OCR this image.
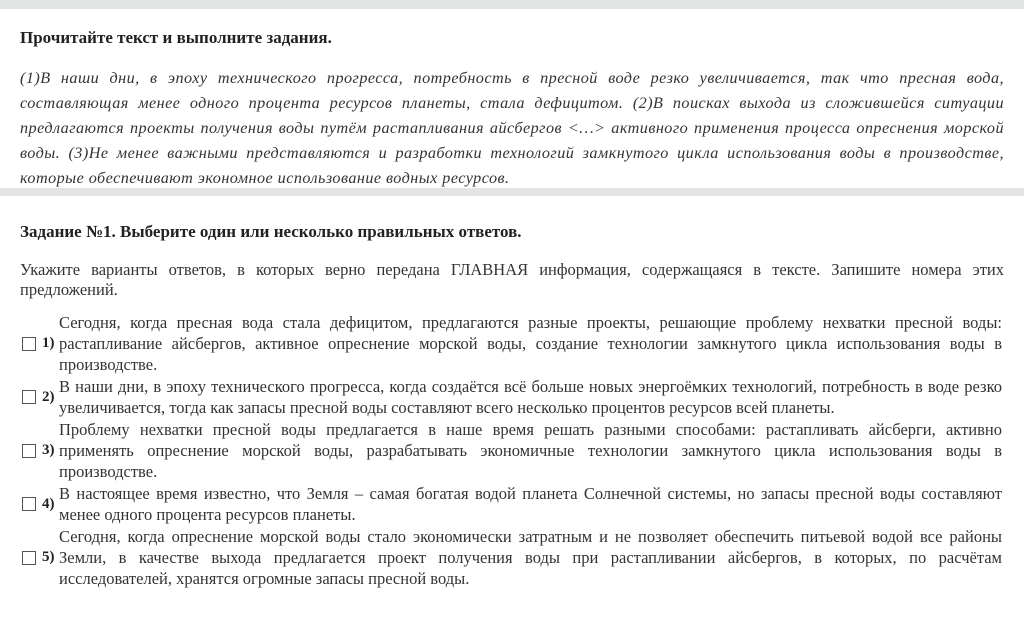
Прочитайте текст и выполните задания.

(1)В наши дни, в эпоху технического прогресса, потребность в пресной воде резко увеличивается, так что пресная вода, составляющая менее одного процента ресурсов планеты, стала дефицитом. (2)В поисках выхода из сложившейся ситуации предлагаются проекты получения воды путём растапливания айсбергов <…> активного применения процесса опреснения морской воды. (3)Не менее важными представляются и разработки технологий замкнутого цикла использования воды в производстве, которые обеспечивают экономное использование водных ресурсов.

Задание №1. Выберите один или несколько правильных ответов.

Укажите варианты ответов, в которых верно передана ГЛАВНАЯ информация, содержащаяся в тексте. Запишите номера этих предложений.
1)
Сегодня, когда пресная вода стала дефицитом, предлагаются разные проекты, решающие проблему нехватки пресной воды: растапливание айсбергов, активное опреснение морской воды, создание технологии замкнутого цикла использования воды в производстве.
2)
В наши дни, в эпоху технического прогресса, когда создаётся всё больше новых энергоёмких технологий, потребность в воде резко увеличивается, тогда как запасы пресной воды составляют всего несколько процентов ресурсов всей планеты.
3)
Проблему нехватки пресной воды предлагается в наше время решать разными способами: растапливать айсберги, активно применять опреснение морской воды, разрабатывать экономичные технологии замкнутого цикла использования воды в производстве.
4)
В настоящее время известно, что Земля – самая богатая водой планета Солнечной системы, но запасы пресной воды составляют менее одного процента ресурсов планеты.
5)
Сегодня, когда опреснение морской воды стало экономически затратным и не позволяет обеспечить питьевой водой все районы Земли, в качестве выхода предлагается проект получения воды при растапливании айсбергов, в которых, по расчётам исследователей, хранятся огромные запасы пресной воды.
